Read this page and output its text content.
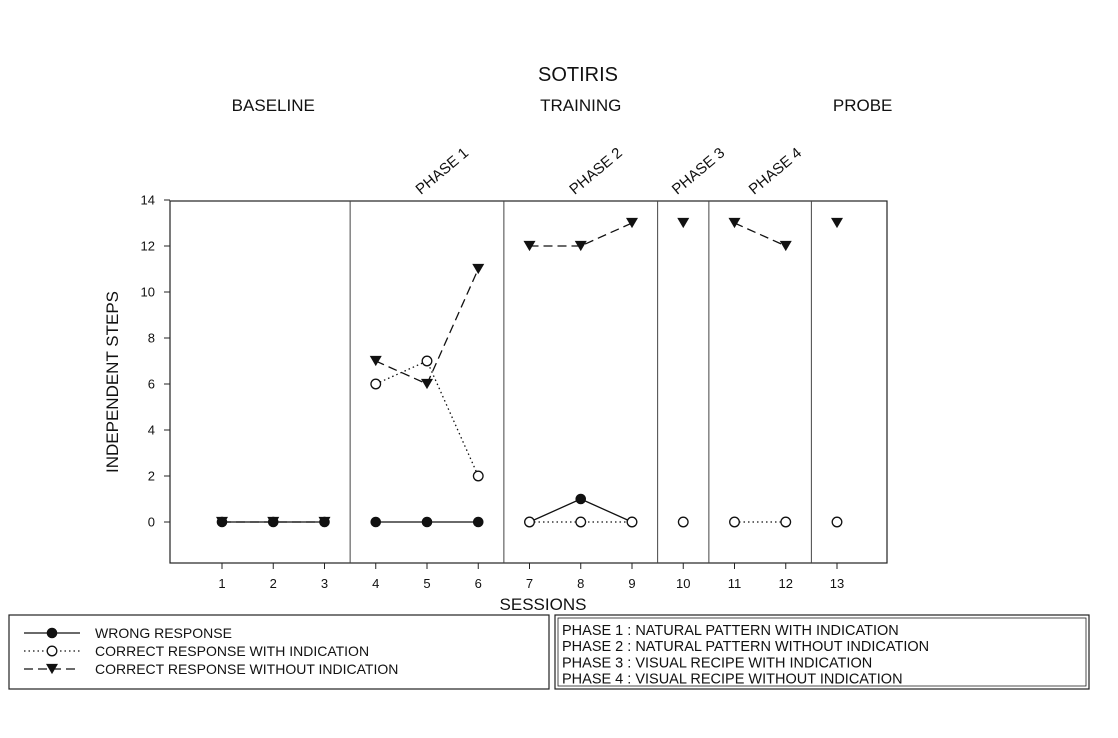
SOTIRIS
BASELINE	TRAINING	PROBE
PHASE 1	PHASE 2	PHASE 3 PHASE 4
0
2
4
6
8
10
12
14
1	2	3	4	5	6	7	8	9	10	11	12	13
INDEPENDENT STEPS
SESSIONS
WRONG RESPONSE
CORRECT RESPONSE WITH INDICATION
CORRECT RESPONSE WITHOUT INDICATION
PHASE 1 : NATURAL PATTERN WITH INDICATION
PHASE 2 : NATURAL PATTERN WITHOUT INDICATION
PHASE 3 : VISUAL RECIPE WITH INDICATION
PHASE 4 : VISUAL RECIPE WITHOUT INDICATION
